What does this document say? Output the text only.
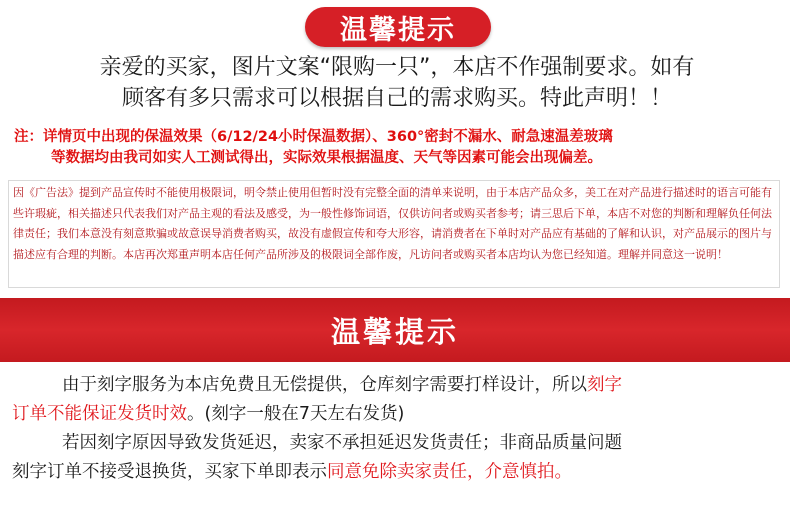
温馨提示
亲爱的买家，图片文案“限购一只”，本店不作强制要求。如有
顾客有多只需求可以根据自己的需求购买。特此声明！！
注：详情页中出现的保温效果（6/12/24小时保温数据）、360°密封不漏水、耐急速温差玻璃
等数据均由我司如实人工测试得出，实际效果根据温度、天气等因素可能会出现偏差。
因《广告法》提到产品宣传时不能使用极限词，明令禁止使用但暂时没有完整全面的清单来说明，由于本店产品众多，美工在对产品进行描述时的语言可能有些许瑕疵，相关描述只代表我们对产品主观的看法及感受，为一般性修饰词语，仅供访问者或购买者参考；请三思后下单，本店不对您的判断和理解负任何法律责任；我们本意没有刻意欺骗或故意误导消费者购买，故没有虚假宣传和夸大形容，请消费者在下单时对产品应有基础的了解和认识，对产品展示的图片与描述应有合理的判断。本店再次郑重声明本店任何产品所涉及的极限词全部作废，凡访问者或购买者本店均认为您已经知道。理解并同意这一说明！
温馨提示
由于刻字服务为本店免费且无偿提供，仓库刻字需要打样设计，所以刻字
订单不能保证发货时效。(刻字一般在7天左右发货)
若因刻字原因导致发货延迟，卖家不承担延迟发货责任；非商品质量问题
刻字订单不接受退换货，买家下单即表示同意免除卖家责任，介意慎拍。
